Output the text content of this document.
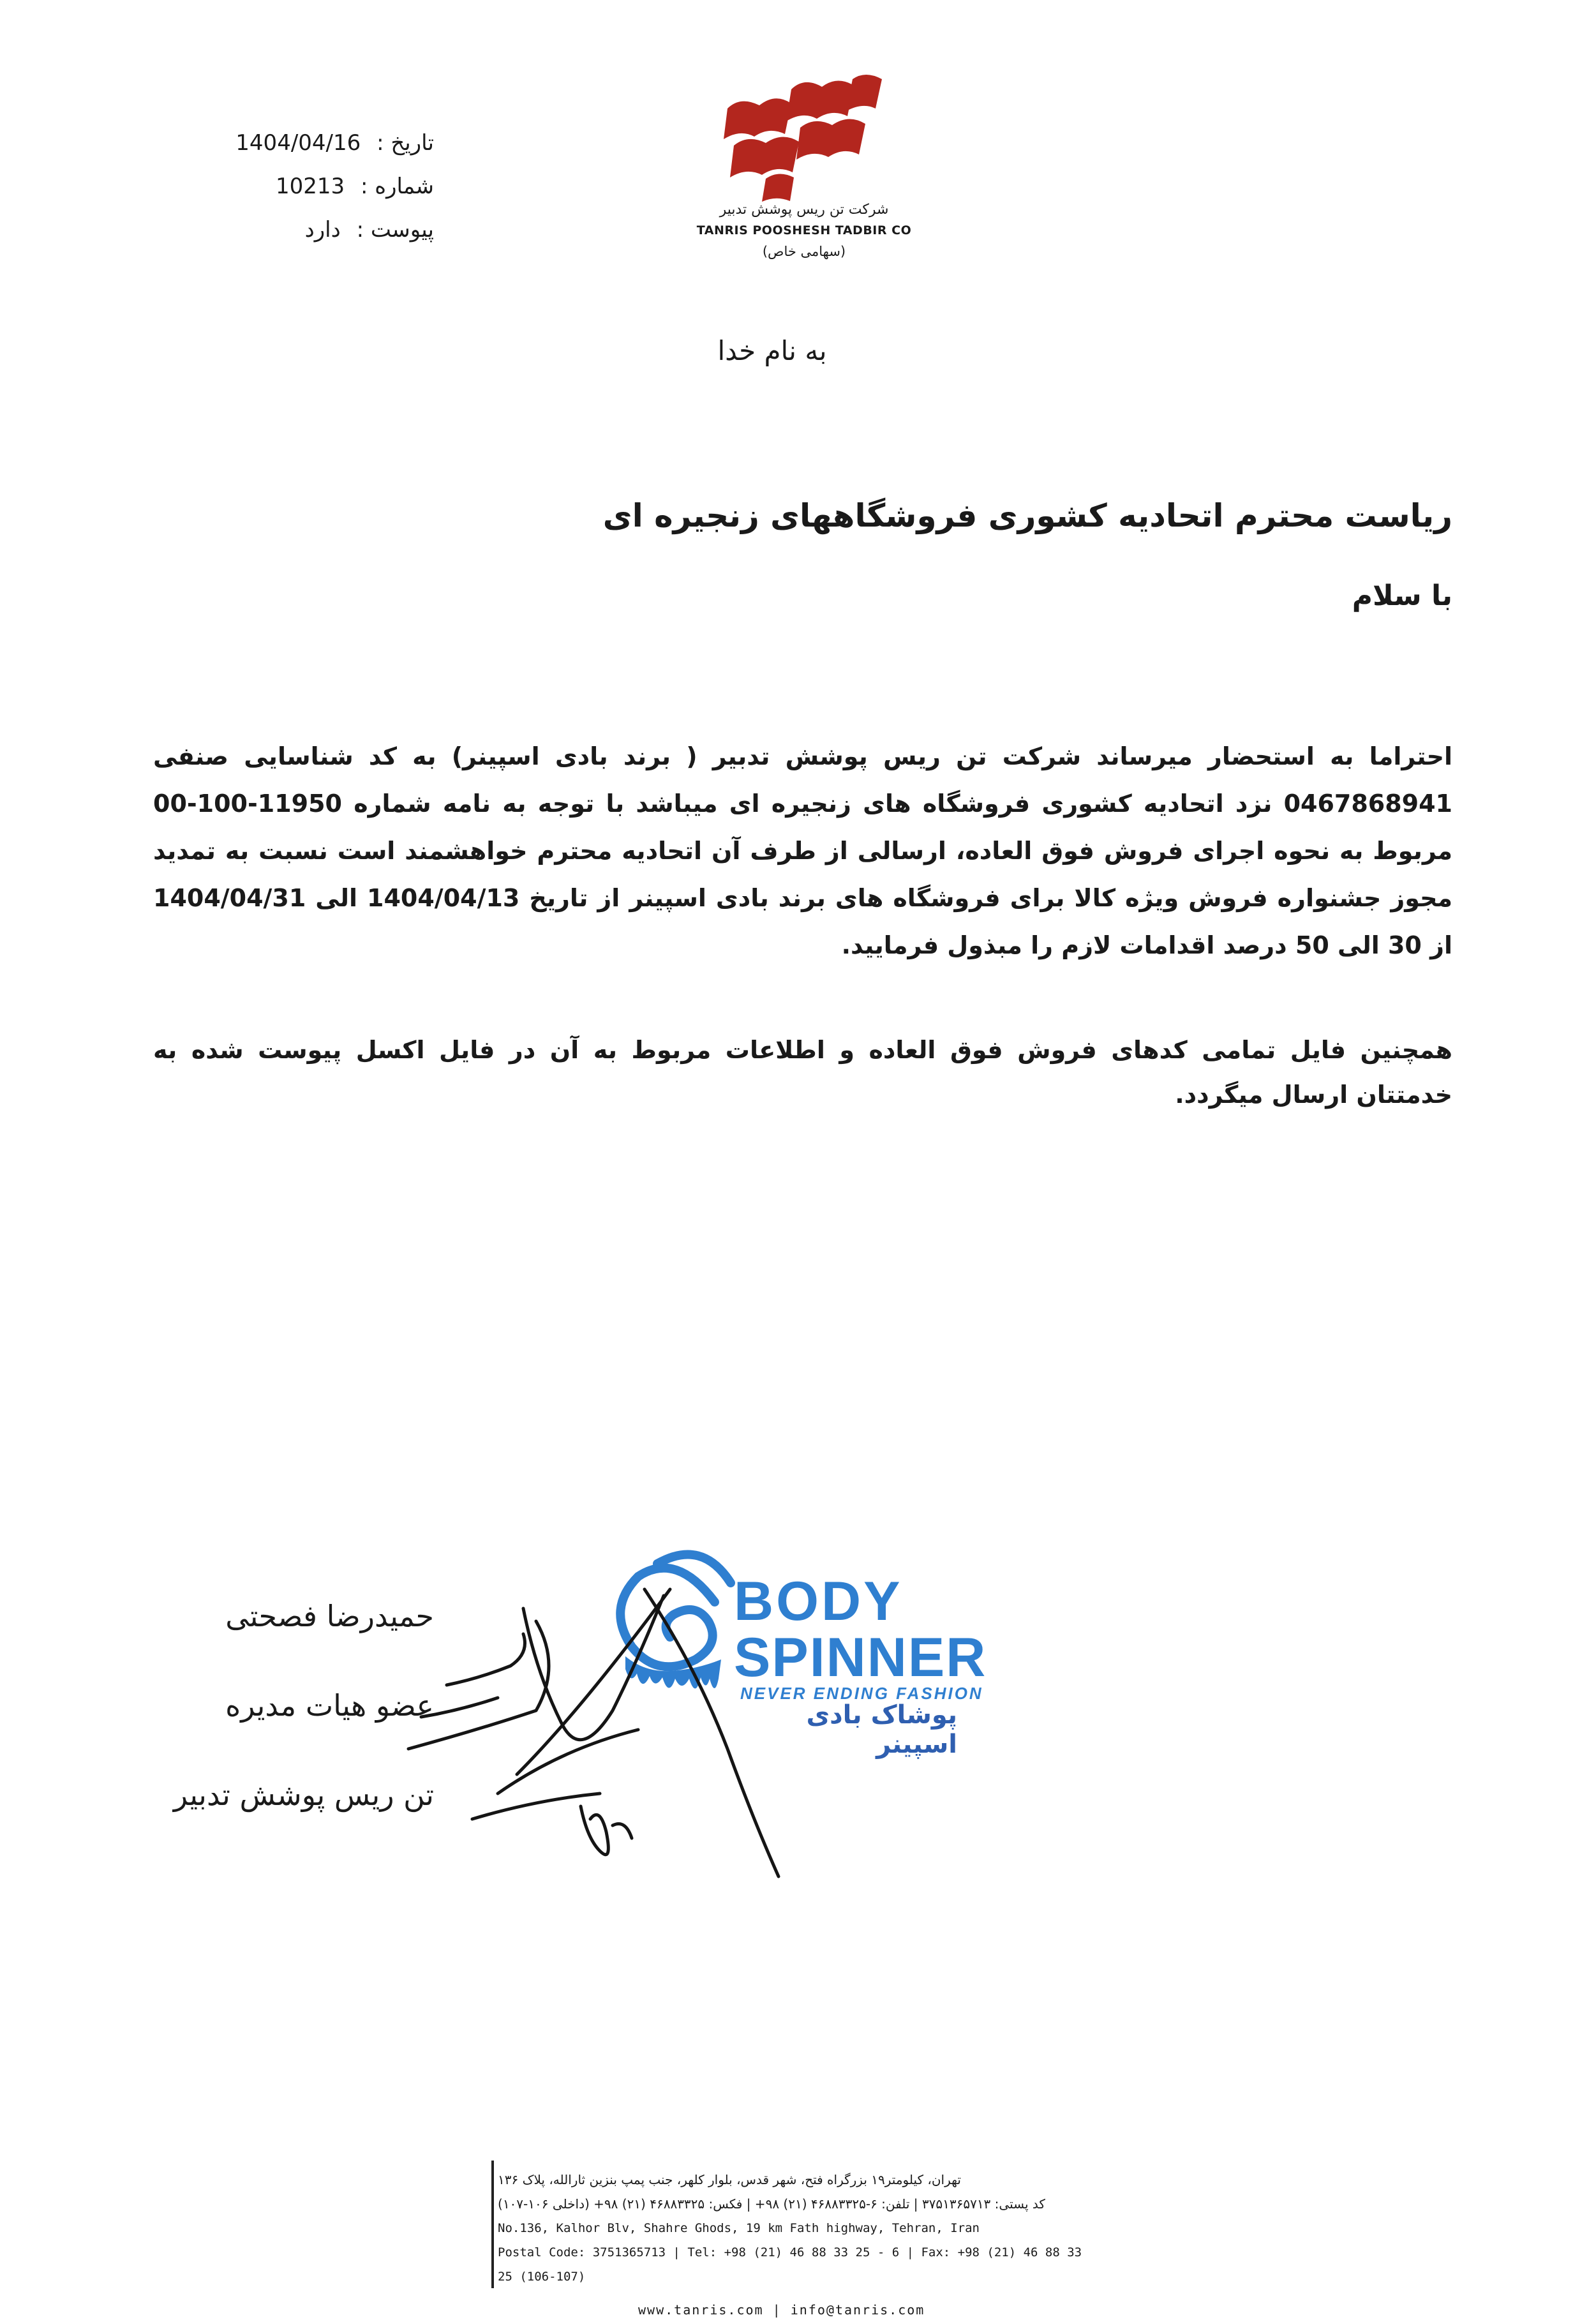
تاریخ : 1404/04/16
شماره : 10213
پیوست : دارد
شرکت تن ریس پوشش تدبیر
TANRIS POOSHESH TADBIR CO
(سهامی خاص)
به نام خدا
ریاست محترم اتحادیه کشوری فروشگاههای زنجیره ای
با سلام
احتراما به استحضار میرساند شرکت تن ریس پوشش تدبیر ( برند بادی اسپینر) به کد شناسایی صنفی 0467868941 نزد اتحادیه کشوری فروشگاه های زنجیره ای میباشد با توجه به نامه شماره 11950-100-00 مربوط به نحوه اجرای فروش فوق العاده، ارسالی از طرف آن اتحادیه محترم خواهشمند است نسبت به تمدید مجوز جشنواره فروش ویژه کالا برای فروشگاه های برند بادی اسپینر از تاریخ 1404/04/13 الی 1404/04/31 از 30 الی 50 درصد اقدامات لازم را مبذول فرمایید.
همچنین فایل تمامی کدهای فروش فوق العاده و اطلاعات مربوط به آن در فایل اکسل پیوست شده به خدمتتان ارسال میگردد.
BODY
SPINNER
NEVER ENDING FASHION
پوشاک بادی اسپینر
حمیدرضا فصحتی
عضو هیات مدیره
تن ریس پوشش تدبیر
تهران، کیلومتر۱۹ بزرگراه فتح، شهر قدس، بلوار کلهر، جنب پمپ بنزین ثارالله، پلاک ۱۳۶
کد پستی: ۳۷۵۱۳۶۵۷۱۳ | تلفن: ۶-۴۶۸۸۳۳۲۵ (۲۱) ۹۸+ | فکس: ۴۶۸۸۳۳۲۵ (۲۱) ۹۸+ (داخلی ۱۰۶-۱۰۷)
No.136, Kalhor Blv, Shahre Ghods, 19 km Fath highway, Tehran, Iran
Postal Code: 3751365713 | Tel: +98 (21) 46 88 33 25 - 6 | Fax: +98 (21) 46 88 33 25 (106-107)
www.tanris.com | info@tanris.com
